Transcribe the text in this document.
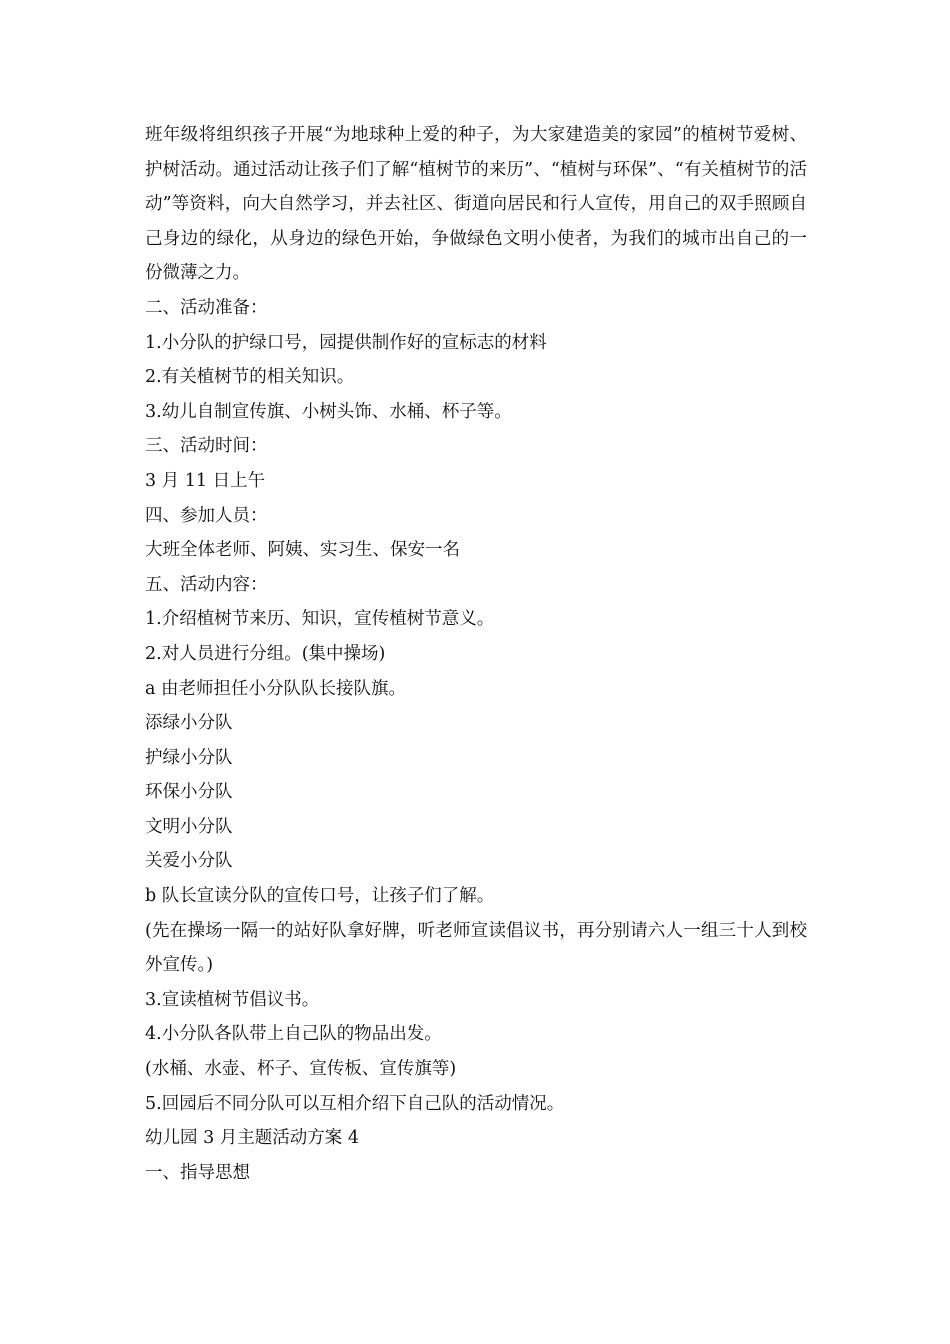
班年级将组织孩子开展“为地球种上爱的种子，为大家建造美的家园”的植树节爱树、护树活动。通过活动让孩子们了解“植树节的来历”、“植树与环保”、“有关植树节的活动”等资料，向大自然学习，并去社区、街道向居民和行人宣传，用自己的双手照顾自己身边的绿化，从身边的绿色开始，争做绿色文明小使者，为我们的城市出自己的一份微薄之力。

二、活动准备：

1.小分队的护绿口号，园提供制作好的宣标志的材料

2.有关植树节的相关知识。

3.幼儿自制宣传旗、小树头饰、水桶、杯子等。

三、活动时间：

3 月 11 日上午

四、参加人员：

大班全体老师、阿姨、实习生、保安一名

五、活动内容：

1.介绍植树节来历、知识，宣传植树节意义。

2.对人员进行分组。(集中操场)

a 由老师担任小分队队长接队旗。

添绿小分队

护绿小分队

环保小分队

文明小分队

关爱小分队

b 队长宣读分队的宣传口号，让孩子们了解。

(先在操场一隔一的站好队拿好牌，听老师宣读倡议书，再分别请六人一组三十人到校外宣传。)

3.宣读植树节倡议书。

4.小分队各队带上自己队的物品出发。

(水桶、水壶、杯子、宣传板、宣传旗等)

5.回园后不同分队可以互相介绍下自己队的活动情况。

幼儿园 3 月主题活动方案 4

一、指导思想
